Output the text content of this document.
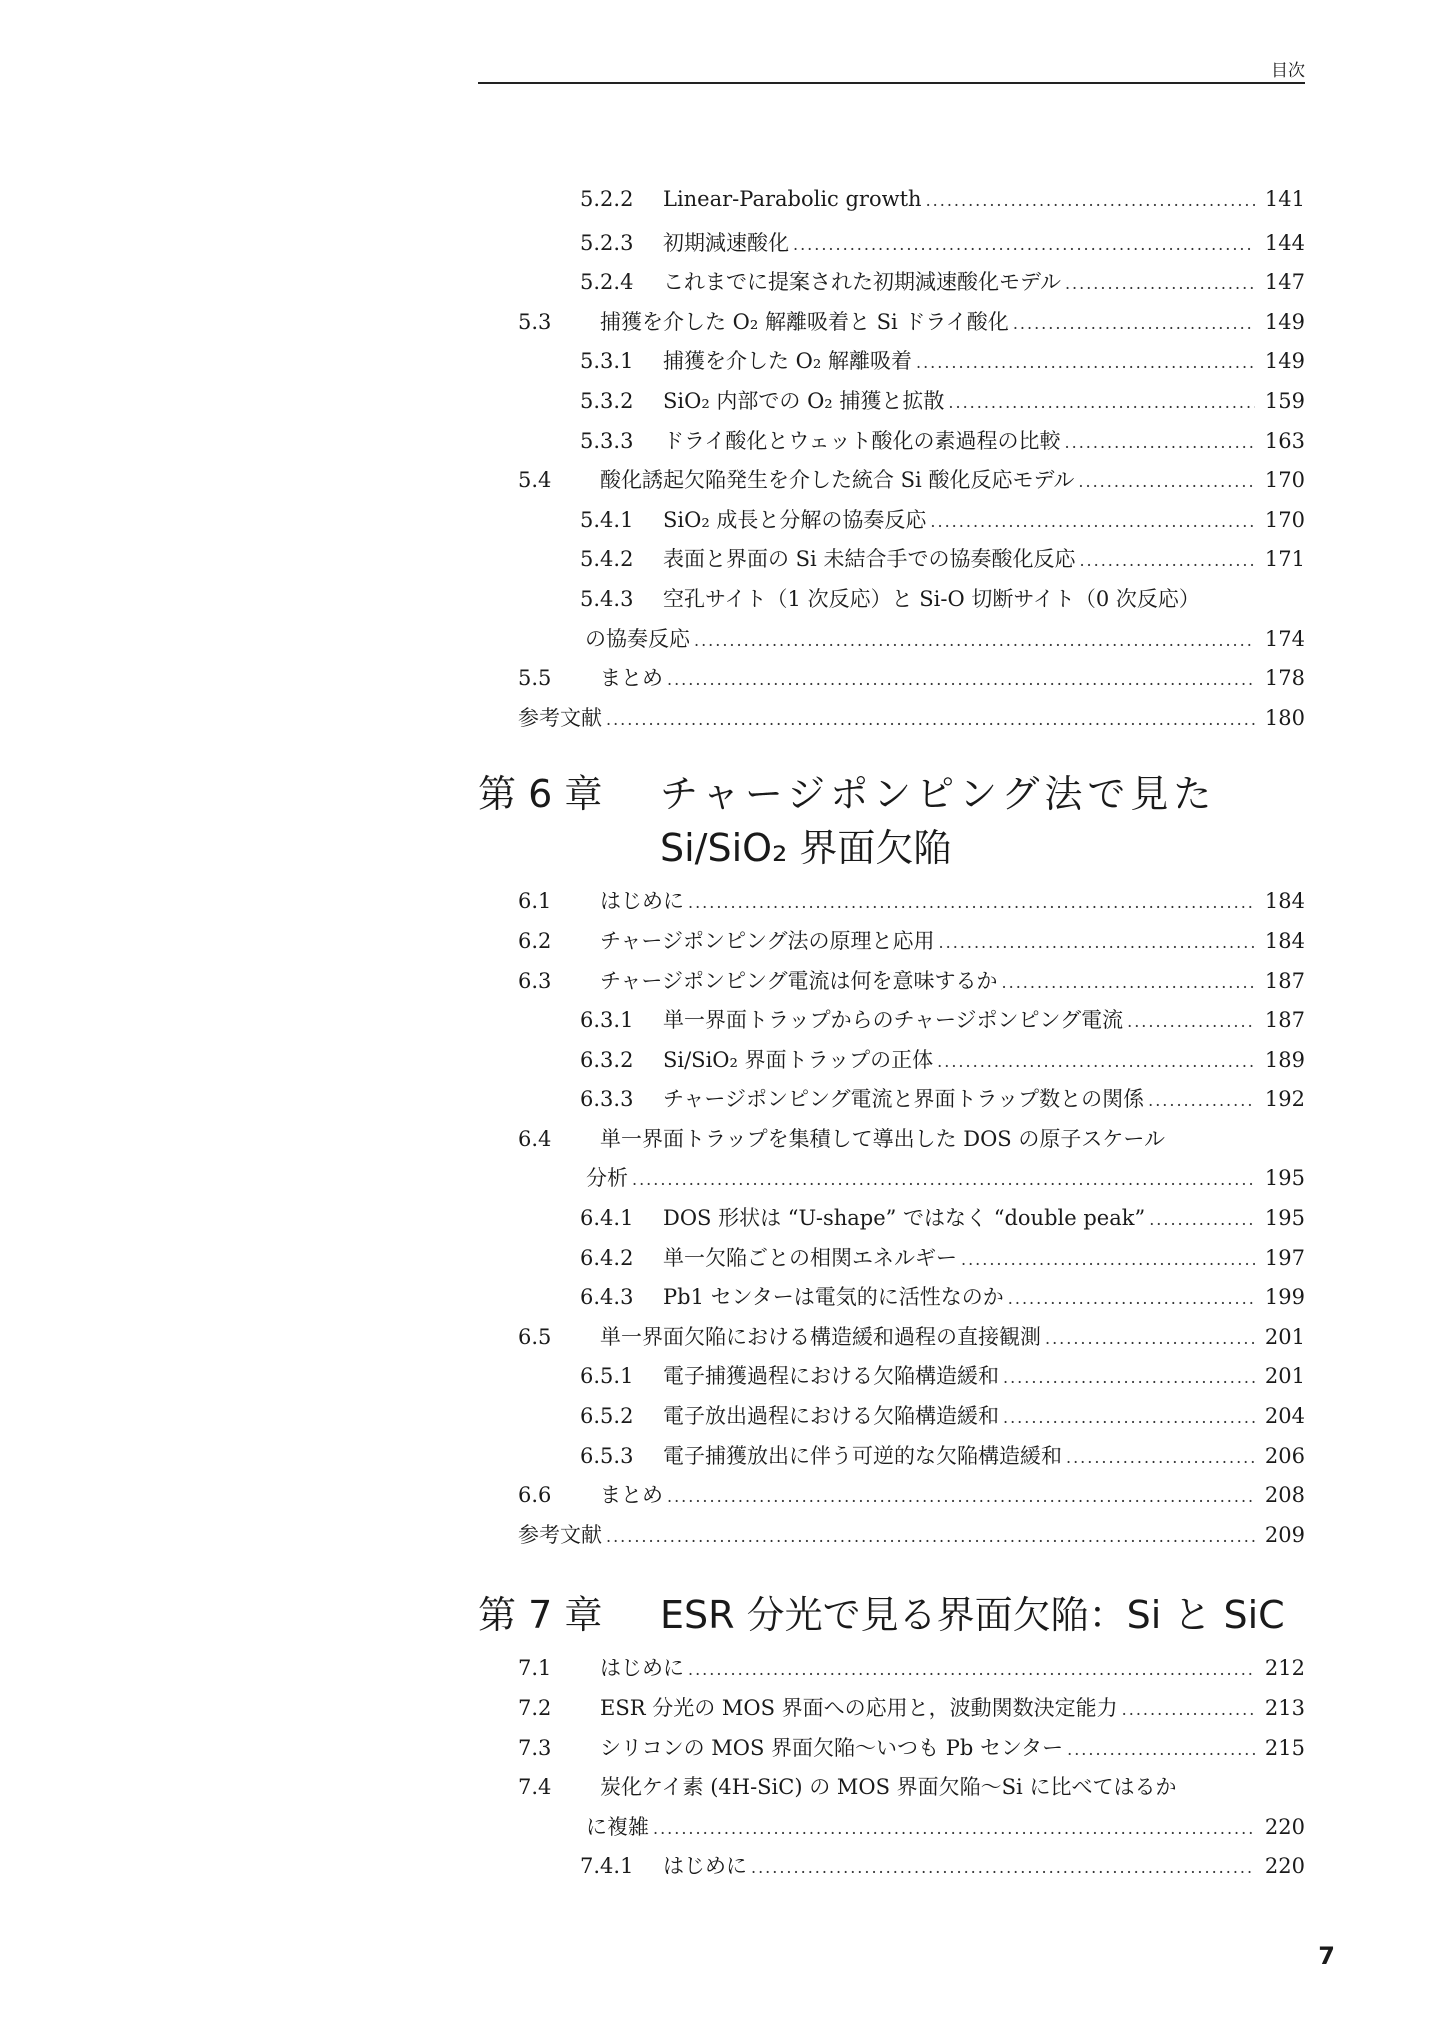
目次
5.2.2	Linear-Parabolic growth .....	141
5.2.3	初期減速酸化 .....	144
5.2.4	これまでに提案された初期減速酸化モデル .....	147
5.3	捕獲を介した O₂ 解離吸着と Si ドライ酸化 .....	149
5.3.1	捕獲を介した O₂ 解離吸着 .....	149
5.3.2	SiO₂ 内部での O₂ 捕獲と拡散 .....	159
5.3.3	ドライ酸化とウェット酸化の素過程の比較 .....	163
5.4	酸化誘起欠陥発生を介した統合 Si 酸化反応モデル .....	170
5.4.1	SiO₂ 成長と分解の協奏反応 .....	170
5.4.2	表面と界面の Si 未結合手での協奏酸化反応 .....	171
5.4.3	空孔サイト（1 次反応）と Si-O 切断サイト（0 次反応）
の協奏反応 .....	174
5.5	まとめ .....	178
参考文献 .....	180
第 6 章	チャージポンピング法で見た
Si/SiO₂ 界面欠陥
6.1	はじめに .....	184
6.2	チャージポンピング法の原理と応用 .....	184
6.3	チャージポンピング電流は何を意味するか .....	187
6.3.1	単一界面トラップからのチャージポンピング電流 .....	187
6.3.2	Si/SiO₂ 界面トラップの正体 .....	189
6.3.3	チャージポンピング電流と界面トラップ数との関係 .....	192
6.4	単一界面トラップを集積して導出した DOS の原子スケール
分析 .....	195
6.4.1	DOS 形状は “U-shape” ではなく “double peak” .....	195
6.4.2	単一欠陥ごとの相関エネルギー .....	197
6.4.3	Pb1 センターは電気的に活性なのか .....	199
6.5	単一界面欠陥における構造緩和過程の直接観測 .....	201
6.5.1	電子捕獲過程における欠陥構造緩和 .....	201
6.5.2	電子放出過程における欠陥構造緩和 .....	204
6.5.3	電子捕獲放出に伴う可逆的な欠陥構造緩和 .....	206
6.6	まとめ .....	208
参考文献 .....	209
第 7 章	ESR 分光で見る界面欠陥：Si と SiC
7.1	はじめに .....	212
7.2	ESR 分光の MOS 界面への応用と，波動関数決定能力 .....	213
7.3	シリコンの MOS 界面欠陥〜いつも Pb センター .....	215
7.4	炭化ケイ素 (4H-SiC) の MOS 界面欠陥〜Si に比べてはるか
に複雑 .....	220
7.4.1	はじめに .....	220
7
